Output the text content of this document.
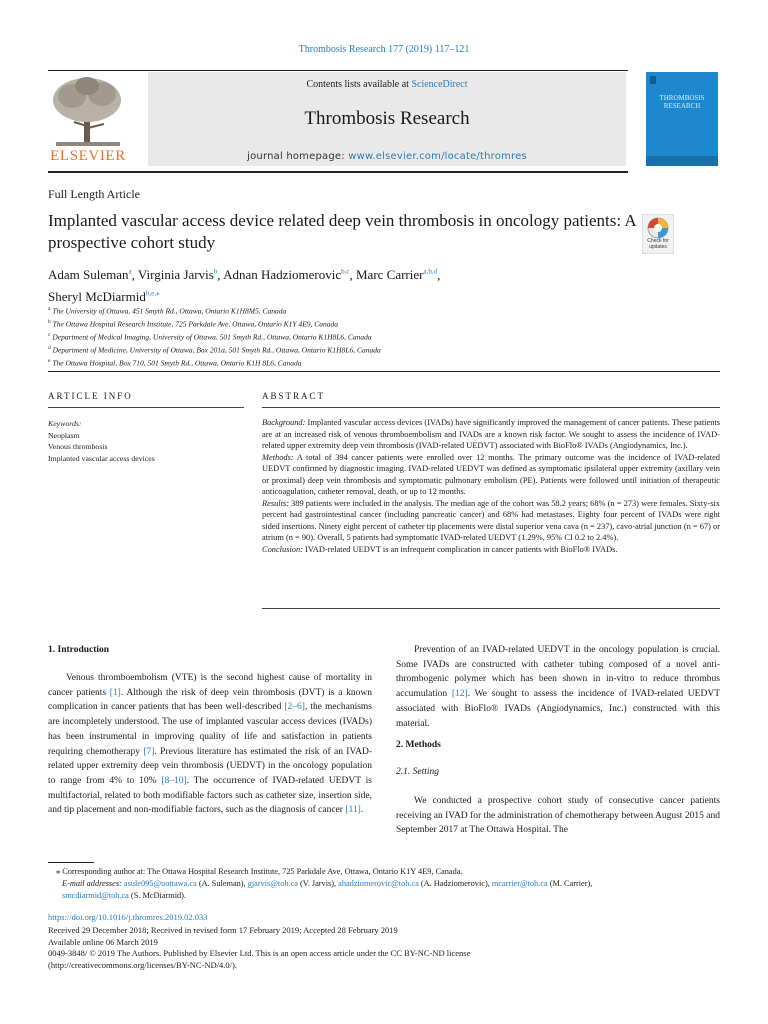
Thrombosis Research 177 (2019) 117–121
ELSEVIER
Contents lists available at ScienceDirect
Thrombosis Research
journal homepage: www.elsevier.com/locate/thromres
THROMBOSIS RESEARCH
Full Length Article
Implanted vascular access device related deep vein thrombosis in oncology patients: A prospective cohort study	Check for updates
Adam Suleman$^a$, Virginia Jarvis$^b$, Adnan Hadziomerovic$^{b,c}$, Marc Carrier$^{a,b,d}$,
Sheryl McDiarmid$^{b,e,⁎}$
$^a$ The University of Ottawa, 451 Smyth Rd., Ottawa, Ontario K1H8M5, Canada
$^b$ The Ottawa Hospital Research Institute, 725 Parkdale Ave, Ottawa, Ontario K1Y 4E9, Canada
$^c$ Department of Medical Imaging, University of Ottawa, 501 Smyth Rd., Ottawa, Ontario K1H8L6, Canada
$^d$ Department of Medicine, University of Ottawa, Box 201a, 501 Smyth Rd., Ottawa, Ontario K1H8L6, Canada
$^e$ The Ottawa Hospital, Box 710, 501 Smyth Rd., Ottawa, Ontario K1H 8L6, Canada
ARTICLE INFO	ABSTRACT
Keywords:
Neoplasm
Venous thrombosis
Implanted vascular access devices

Background: Implanted vascular access devices (IVADs) have significantly improved the management of cancer patients. These patients are at an increased risk of venous thromboembolism and IVADs are a known risk factor. We sought to assess the incidence of IVAD-related upper extremity deep vein thrombosis (IVAD-related UEDVT) associated with BioFlo® IVADs (Angiodynamics, Inc.).

Methods: A total of 394 cancer patients were enrolled over 12 months. The primary outcome was the incidence of IVAD-related UEDVT confirmed by diagnostic imaging. IVAD-related UEDVT was defined as symptomatic ipsilateral upper extremity (axillary vein or proximal) deep vein thrombosis and symptomatic pulmonary embolism (PE). Patients were followed until initiation of therapeutic anticoagulation, catheter removal, death, or up to 12 months.

Results: 389 patients were included in the analysis. The median age of the cohort was 58.2 years; 68% (n = 273) were females. Sixty-six percent had gastrointestinal cancer (including pancreatic cancer) and 68% had metastases. Eighty four percent of IVADs were right sided insertions. Ninety eight percent of catheter tip placements were distal superior vena cava (n = 237), cavo-atrial junction (n = 67) or atrium (n = 90). Overall, 5 patients had symptomatic IVAD-related UEDVT (1.29%, 95% CI 0.2 to 2.4%).

Conclusion: IVAD-related UEDVT is an infrequent complication in cancer patients with BioFlo® IVADs.

1. Introduction

Venous thromboembolism (VTE) is the second highest cause of mortality in cancer patients [1]. Although the risk of deep vein thrombosis (DVT) is a known complication in cancer patients that has been well-described [2–6], the mechanisms are incompletely understood. The use of implanted vascular access devices (IVADs) has been instrumental in improving quality of life and satisfaction in patients requiring chemotherapy [7]. Previous literature has estimated the risk of an IVAD-related upper extremity deep vein thrombosis (UEDVT) in the oncology population to range from 4% to 10% [8–10]. The occurrence of IVAD-related UEDVT is multifactorial, related to both modifiable factors such as catheter size, insertion side, and tip placement and non-modifiable factors, such as the diagnosis of cancer [11].

Prevention of an IVAD-related UEDVT in the oncology population is crucial. Some IVADs are constructed with catheter tubing composed of a novel anti-thrombogenic polymer which has been shown in in-vitro to reduce thrombus accumulation [12]. We sought to assess the incidence of IVAD-related UEDVT associated with BioFlo® IVADs (Angiodynamics, Inc.) constructed with this material.

2. Methods
2.1. Setting

We conducted a prospective cohort study of consecutive cancer patients receiving an IVAD for the administration of chemotherapy between August 2015 and September 2017 at The Ottawa Hospital. The

⁎ Corresponding author at: The Ottawa Hospital Research Institute, 725 Parkdale Ave, Ottawa, Ontario K1Y 4E9, Canada.
E-mail addresses: asule095@uottawa.ca (A. Suleman), gjarvis@toh.ca (V. Jarvis), ahadziomerovic@toh.ca (A. Hadziomerovic), mcarrier@toh.ca (M. Carrier),
smcdiarmid@toh.ca (S. McDiarmid).
https://doi.org/10.1016/j.thromres.2019.02.033
Received 29 December 2018; Received in revised form 17 February 2019; Accepted 28 February 2019
Available online 06 March 2019
0049-3848/ © 2019 The Authors. Published by Elsevier Ltd. This is an open access article under the CC BY-NC-ND license
(http://creativecommons.org/licenses/BY-NC-ND/4.0/).
